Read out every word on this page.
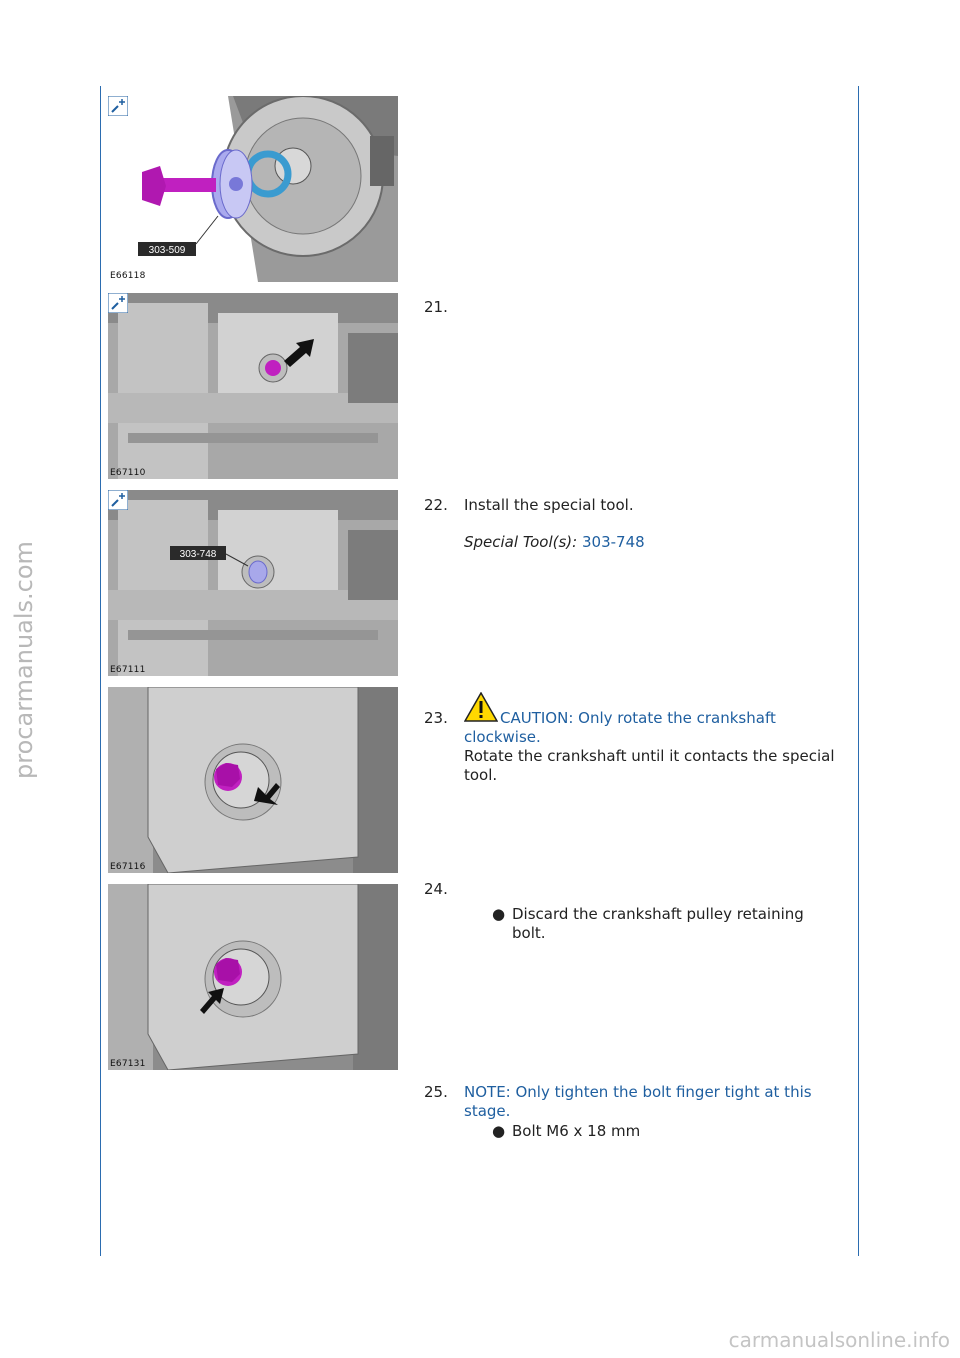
procarmanuals.com
carmanualsonline.info
303-509
E66118
E67110
303-748
E67111
E67116
E67131
21.
22. Install the special tool.
Special Tool(s): 303-748
23.	CAUTION: Only rotate the crankshaft clockwise.
Rotate the crankshaft until it contacts the special tool.
24.
● Discard the crankshaft pulley retaining bolt.
25. NOTE: Only tighten the bolt finger tight at this stage.
● Bolt M6 x 18 mm
